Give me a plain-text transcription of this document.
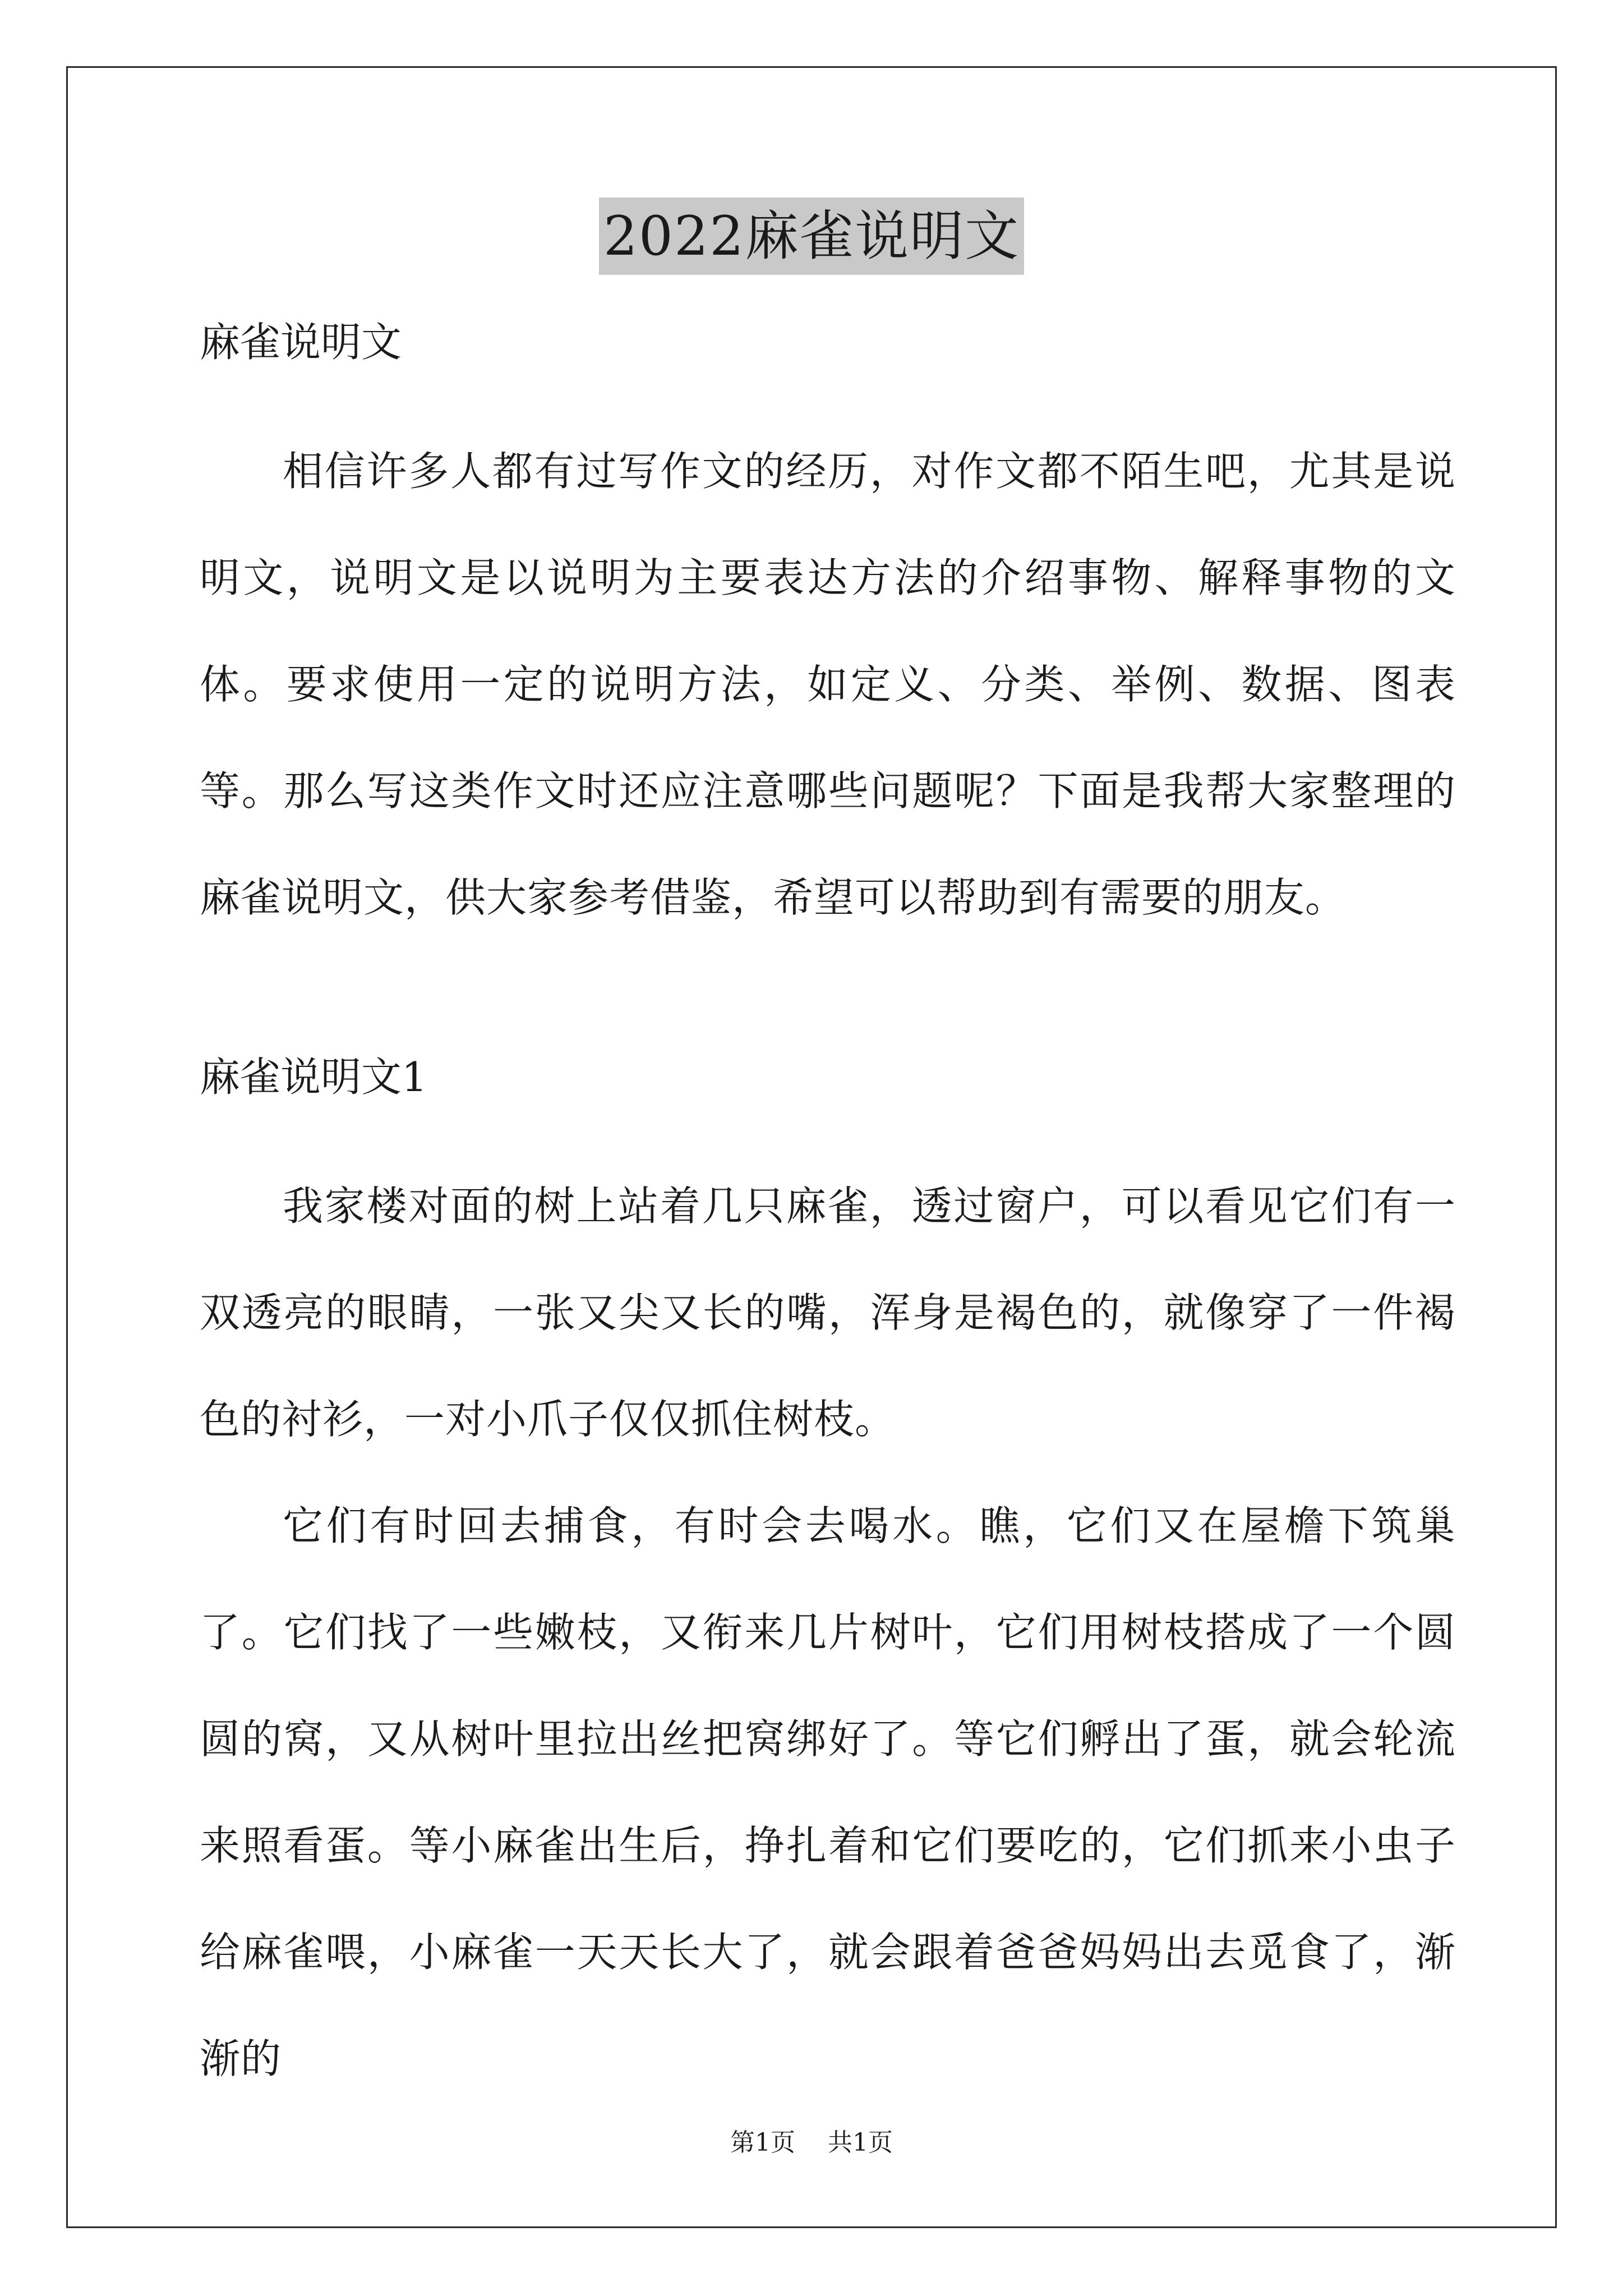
2022麻雀说明文

麻雀说明文

相信许多人都有过写作文的经历，对作文都不陌生吧，尤其是说明文，说明文是以说明为主要表达方法的介绍事物、解释事物的文体。要求使用一定的说明方法，如定义、分类、举例、数据、图表等。那么写这类作文时还应注意哪些问题呢？下面是我帮大家整理的麻雀说明文，供大家参考借鉴，希望可以帮助到有需要的朋友。

麻雀说明文1

我家楼对面的树上站着几只麻雀，透过窗户，可以看见它们有一双透亮的眼睛，一张又尖又长的嘴，浑身是褐色的，就像穿了一件褐色的衬衫，一对小爪子仅仅抓住树枝。

它们有时回去捕食，有时会去喝水。瞧，它们又在屋檐下筑巢了。它们找了一些嫩枝，又衔来几片树叶，它们用树枝搭成了一个圆圆的窝，又从树叶里拉出丝把窝绑好了。等它们孵出了蛋，就会轮流来照看蛋。等小麻雀出生后，挣扎着和它们要吃的，它们抓来小虫子给麻雀喂，小麻雀一天天长大了，就会跟着爸爸妈妈出去觅食了，渐渐的

第1页 共1页
